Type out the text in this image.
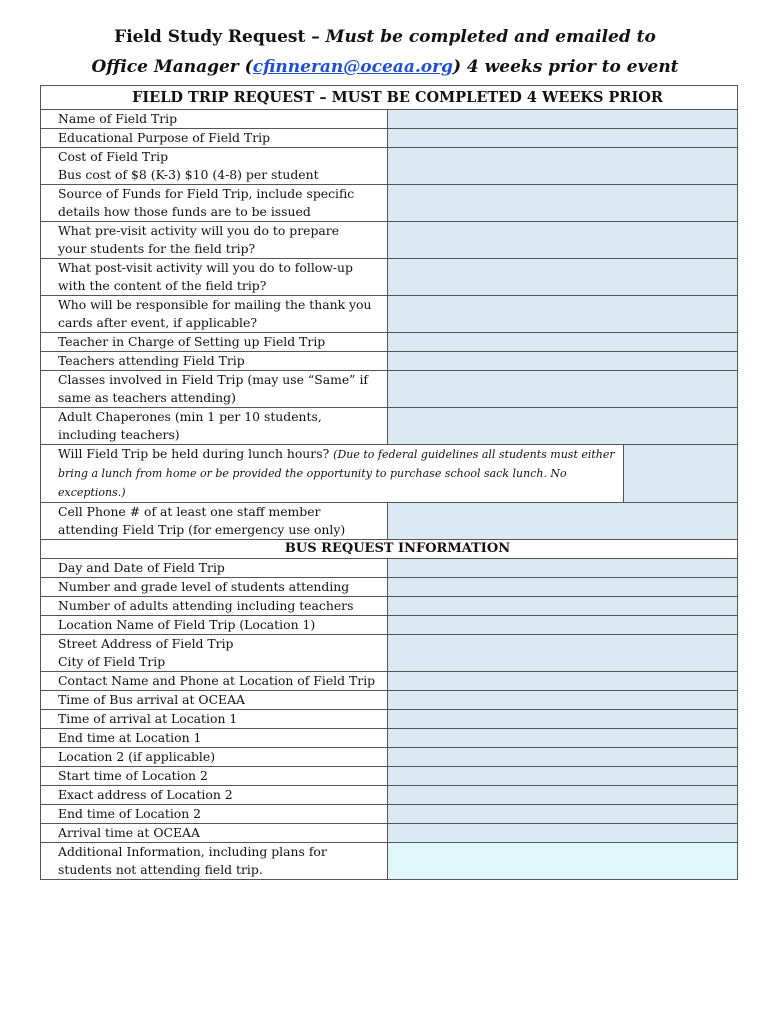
Field Study Request – Must be completed and emailed to
Office Manager (cfinneran@oceaa.org) 4 weeks prior to event
FIELD TRIP REQUEST – MUST BE COMPLETED 4 WEEKS PRIOR		

Name of Field Trip		

Educational Purpose of Field Trip		

Cost of Field Trip
Bus cost of $8 (K-3) $10 (4-8) per student		

Source of Funds for Field Trip, include specific
details how those funds are to be issued		

What pre-visit activity will you do to prepare
your students for the field trip?		

What post-visit activity will you do to follow-up
with the content of the field trip?		

Who will be responsible for mailing the thank you
cards after event, if applicable?		

Teacher in Charge of Setting up Field Trip		

Teachers attending Field Trip		

Classes involved in Field Trip (may use “Same” if
same as teachers attending)		

Adult Chaperones (min 1 per 10 students,
including teachers)		

Will Field Trip be held during lunch hours? (Due to federal guidelines all students must either bring a lunch from home or be provided the opportunity to purchase school sack lunch. No exceptions.)		

Cell Phone # of at least one staff member
attending Field Trip (for emergency use only)		

BUS REQUEST INFORMATION		

Day and Date of Field Trip		

Number and grade level of students attending		

Number of adults attending including teachers		

Location Name of Field Trip (Location 1)		

Street Address of Field Trip
City of Field Trip		

Contact Name and Phone at Location of Field Trip		

Time of Bus arrival at OCEAA		

Time of arrival at Location 1		

End time at Location 1		

Location 2 (if applicable)		

Start time of Location 2		

Exact address of Location 2		

End time of Location 2		

Arrival time at OCEAA		

Additional Information, including plans for
students not attending field trip.		
